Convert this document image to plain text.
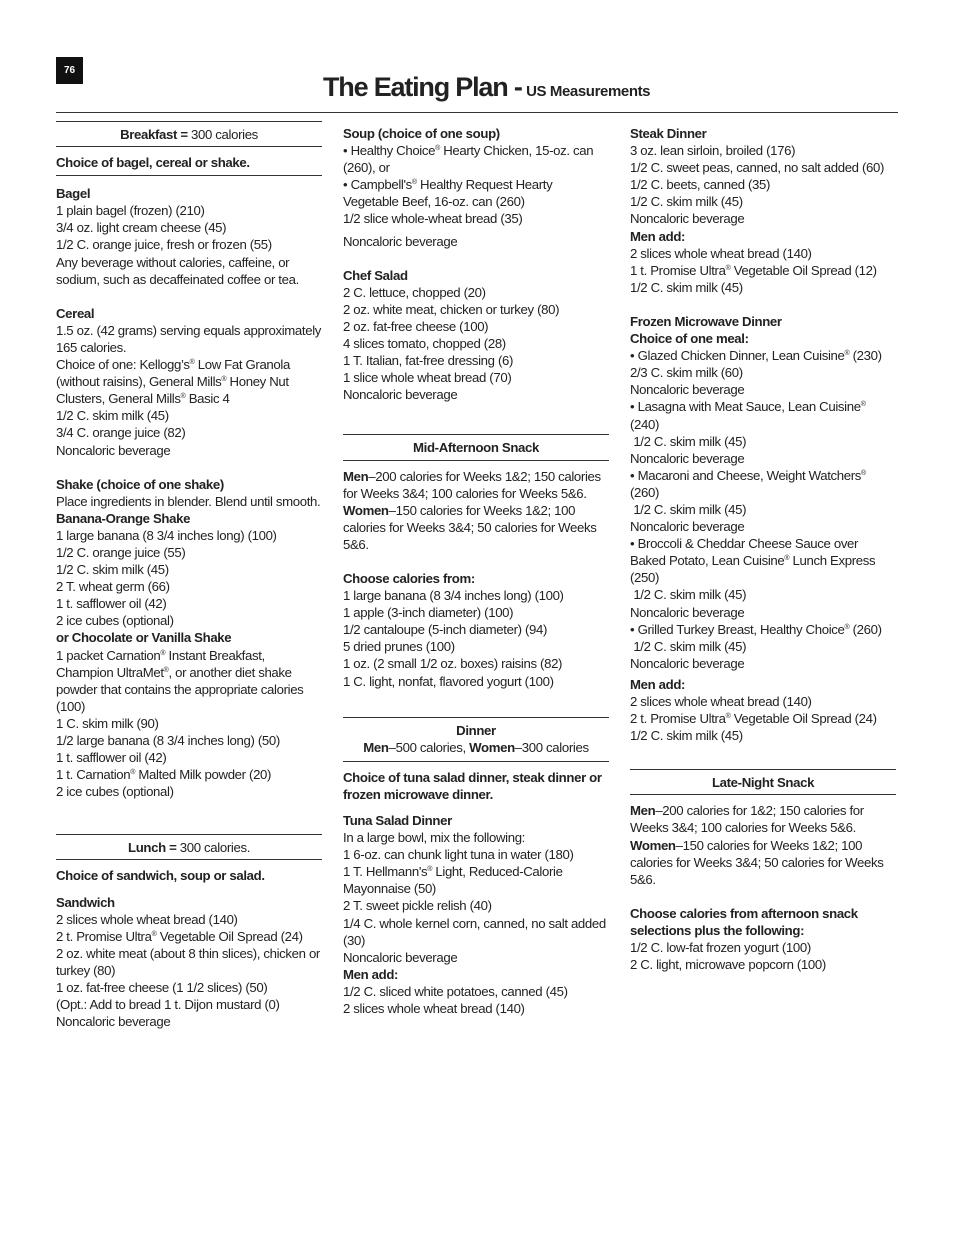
76
The Eating Plan - US Measurements
Breakfast = 300 calories
Choice of bagel, cereal or shake.
Bagel
1 plain bagel (frozen) (210)
3/4 oz. light cream cheese (45)
1/2 C. orange juice, fresh or frozen (55)
Any beverage without calories, caffeine, or sodium, such as decaffeinated coffee or tea.
Cereal
1.5 oz. (42 grams) serving equals approximately 165 calories.
Choice of one: Kellogg’s® Low Fat Granola (without raisins), General Mills® Honey Nut Clusters, General Mills® Basic 4
1/2 C. skim milk (45)
3/4 C. orange juice (82)
Noncaloric beverage
Shake (choice of one shake)
Place ingredients in blender. Blend until smooth.
Banana-Orange Shake
1 large banana (8 3/4 inches long) (100)
1/2 C. orange juice (55)
1/2 C. skim milk (45)
2 T. wheat germ (66)
1 t. safflower oil (42)
2 ice cubes (optional)
or Chocolate or Vanilla Shake
1 packet Carnation® Instant Breakfast, Champion UltraMet®, or another diet shake powder that contains the appropriate calories (100)
1 C. skim milk (90)
1/2 large banana (8 3/4 inches long) (50)
1 t. safflower oil (42)
1 t. Carnation® Malted Milk powder (20)
2 ice cubes (optional)
Lunch = 300 calories.
Choice of sandwich, soup or salad.
Sandwich
2 slices whole wheat bread (140)
2 t. Promise Ultra® Vegetable Oil Spread (24)
2 oz. white meat (about 8 thin slices), chicken or turkey (80)
1 oz. fat-free cheese (1 1/2 slices) (50)
(Opt.: Add to bread 1 t. Dijon mustard (0)
Noncaloric beverage
Soup (choice of one soup)
• Healthy Choice® Hearty Chicken, 15-oz. can (260), or
• Campbell's® Healthy Request Hearty Vegetable Beef, 16-oz. can (260)
1/2 slice whole-wheat bread (35)
Noncaloric beverage
Chef Salad
2 C. lettuce, chopped (20)
2 oz. white meat, chicken or turkey (80)
2 oz. fat-free cheese (100)
4 slices tomato, chopped (28)
1 T. Italian, fat-free dressing (6)
1 slice whole wheat bread (70)
Noncaloric beverage
Mid-Afternoon Snack
Men–200 calories for Weeks 1&2; 150 calories for Weeks 3&4; 100 calories for Weeks 5&6.
Women–150 calories for Weeks 1&2; 100 calories for Weeks 3&4; 50 calories for Weeks 5&6.
Choose calories from:
1 large banana (8 3/4 inches long) (100)
1 apple (3-inch diameter) (100)
1/2 cantaloupe (5-inch diameter) (94)
5 dried prunes (100)
1 oz. (2 small 1/2 oz. boxes) raisins (82)
1 C. light, nonfat, flavored yogurt (100)
Dinner
Men–500 calories, Women–300 calories
Choice of tuna salad dinner, steak dinner or frozen microwave dinner.
Tuna Salad Dinner
In a large bowl, mix the following:
1 6-oz. can chunk light tuna in water (180)
1 T. Hellmann's® Light, Reduced-Calorie Mayonnaise (50)
2 T. sweet pickle relish (40)
1/4 C. whole kernel corn, canned, no salt added (30)
Noncaloric beverage
Men add:
1/2 C. sliced white potatoes, canned (45)
2 slices whole wheat bread (140)
Steak Dinner
3 oz. lean sirloin, broiled (176)
1/2 C. sweet peas, canned, no salt added (60)
1/2 C. beets, canned (35)
1/2 C. skim milk (45)
Noncaloric beverage
Men add:
2 slices whole wheat bread (140)
1 t. Promise Ultra® Vegetable Oil Spread (12)
1/2 C. skim milk (45)
Frozen Microwave Dinner
Choice of one meal:
• Glazed Chicken Dinner, Lean Cuisine® (230)
2/3 C. skim milk (60)
Noncaloric beverage
• Lasagna with Meat Sauce, Lean Cuisine® (240)
1/2 C. skim milk (45)
Noncaloric beverage
• Macaroni and Cheese, Weight Watchers® (260)
1/2 C. skim milk (45)
Noncaloric beverage
• Broccoli & Cheddar Cheese Sauce over Baked Potato, Lean Cuisine® Lunch Express (250)
1/2 C. skim milk (45)
Noncaloric beverage
• Grilled Turkey Breast, Healthy Choice® (260)
1/2 C. skim milk (45)
Noncaloric beverage
Men add:
2 slices whole wheat bread (140)
2 t. Promise Ultra® Vegetable Oil Spread (24)
1/2 C. skim milk (45)
Late-Night Snack
Men–200 calories for 1&2; 150 calories for Weeks 3&4; 100 calories for Weeks 5&6.
Women–150 calories for Weeks 1&2; 100 calories for Weeks 3&4; 50 calories for Weeks 5&6.
Choose calories from afternoon snack selections plus the following:
1/2 C. low-fat frozen yogurt (100)
2 C. light, microwave popcorn (100)
